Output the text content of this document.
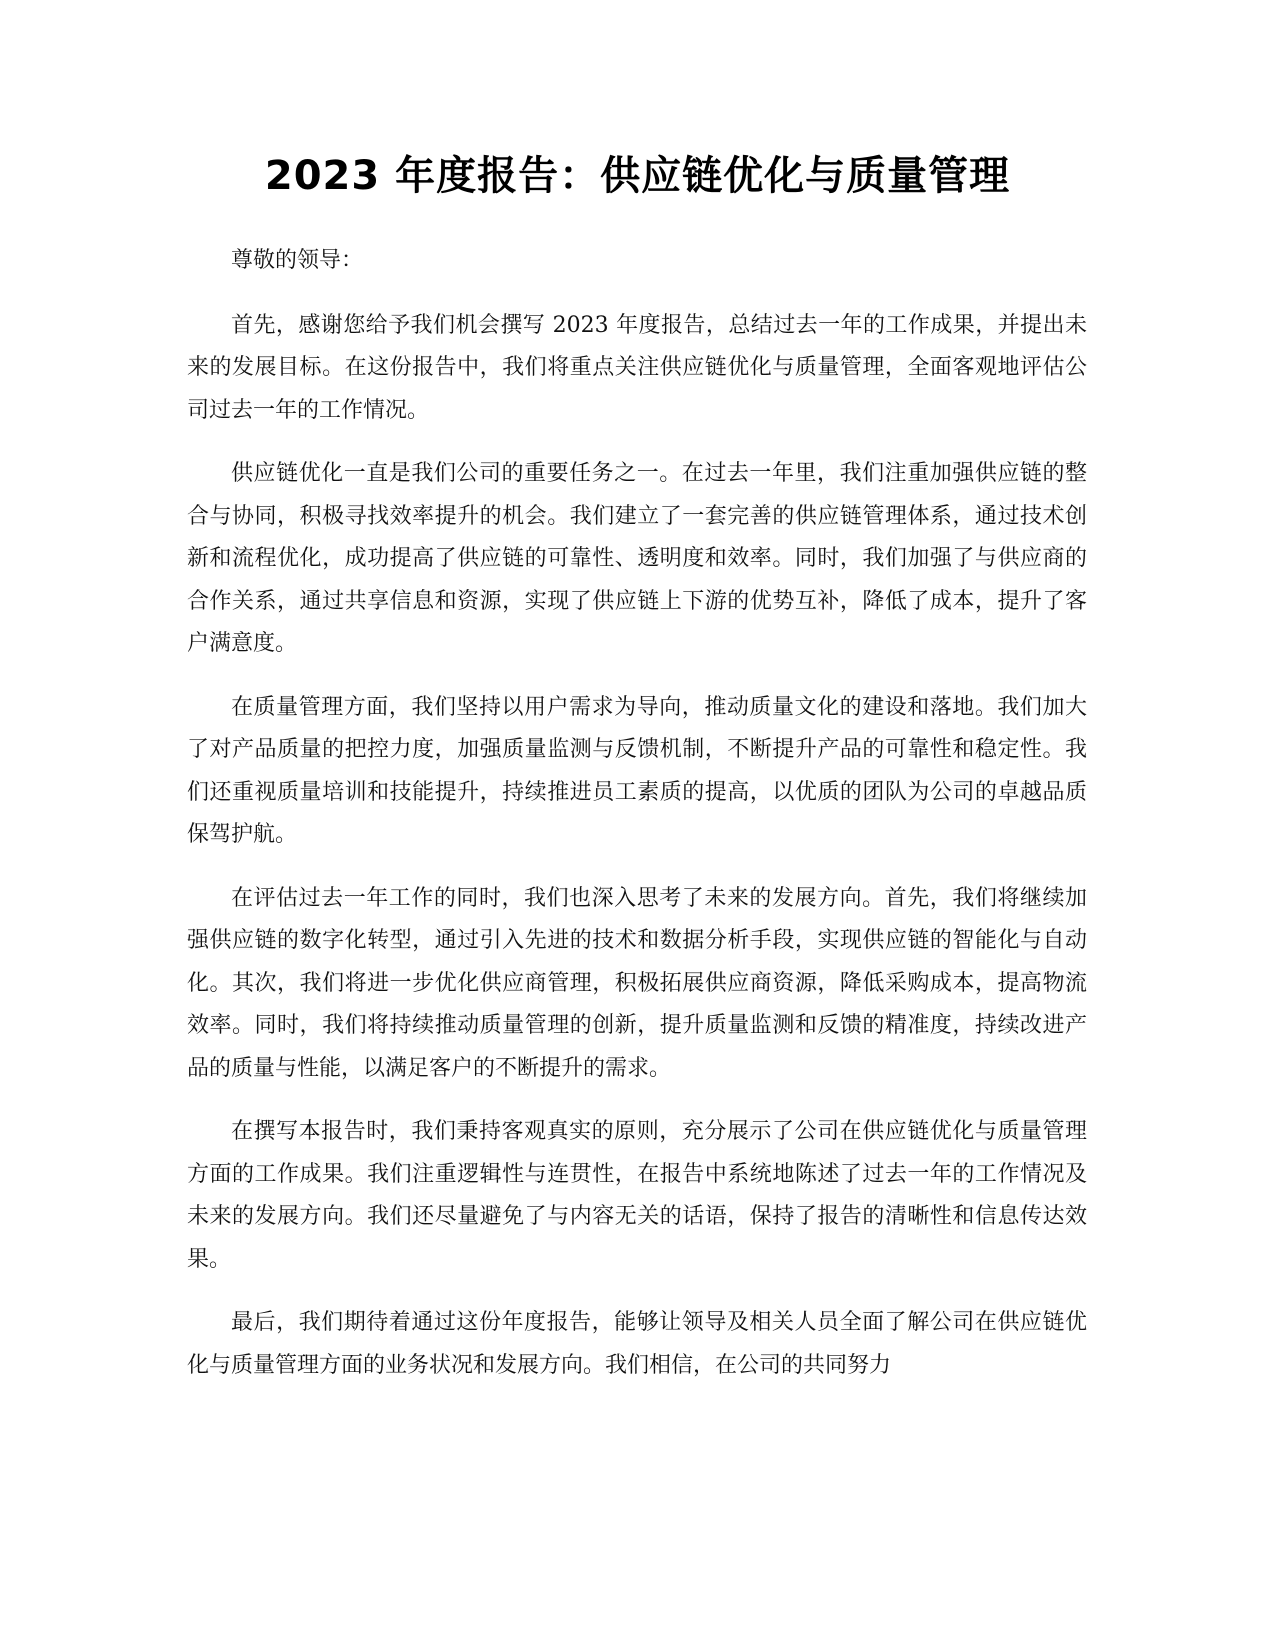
2023 年度报告：供应链优化与质量管理

尊敬的领导：

首先，感谢您给予我们机会撰写 2023 年度报告，总结过去一年的工作成果，并提出未来的发展目标。在这份报告中，我们将重点关注供应链优化与质量管理，全面客观地评估公司过去一年的工作情况。

供应链优化一直是我们公司的重要任务之一。在过去一年里，我们注重加强供应链的整合与协同，积极寻找效率提升的机会。我们建立了一套完善的供应链管理体系，通过技术创新和流程优化，成功提高了供应链的可靠性、透明度和效率。同时，我们加强了与供应商的合作关系，通过共享信息和资源，实现了供应链上下游的优势互补，降低了成本，提升了客户满意度。

在质量管理方面，我们坚持以用户需求为导向，推动质量文化的建设和落地。我们加大了对产品质量的把控力度，加强质量监测与反馈机制，不断提升产品的可靠性和稳定性。我们还重视质量培训和技能提升，持续推进员工素质的提高，以优质的团队为公司的卓越品质保驾护航。

在评估过去一年工作的同时，我们也深入思考了未来的发展方向。首先，我们将继续加强供应链的数字化转型，通过引入先进的技术和数据分析手段，实现供应链的智能化与自动化。其次，我们将进一步优化供应商管理，积极拓展供应商资源，降低采购成本，提高物流效率。同时，我们将持续推动质量管理的创新，提升质量监测和反馈的精准度，持续改进产品的质量与性能，以满足客户的不断提升的需求。

在撰写本报告时，我们秉持客观真实的原则，充分展示了公司在供应链优化与质量管理方面的工作成果。我们注重逻辑性与连贯性，在报告中系统地陈述了过去一年的工作情况及未来的发展方向。我们还尽量避免了与内容无关的话语，保持了报告的清晰性和信息传达效果。

最后，我们期待着通过这份年度报告，能够让领导及相关人员全面了解公司在供应链优化与质量管理方面的业务状况和发展方向。我们相信，在公司的共同努力
